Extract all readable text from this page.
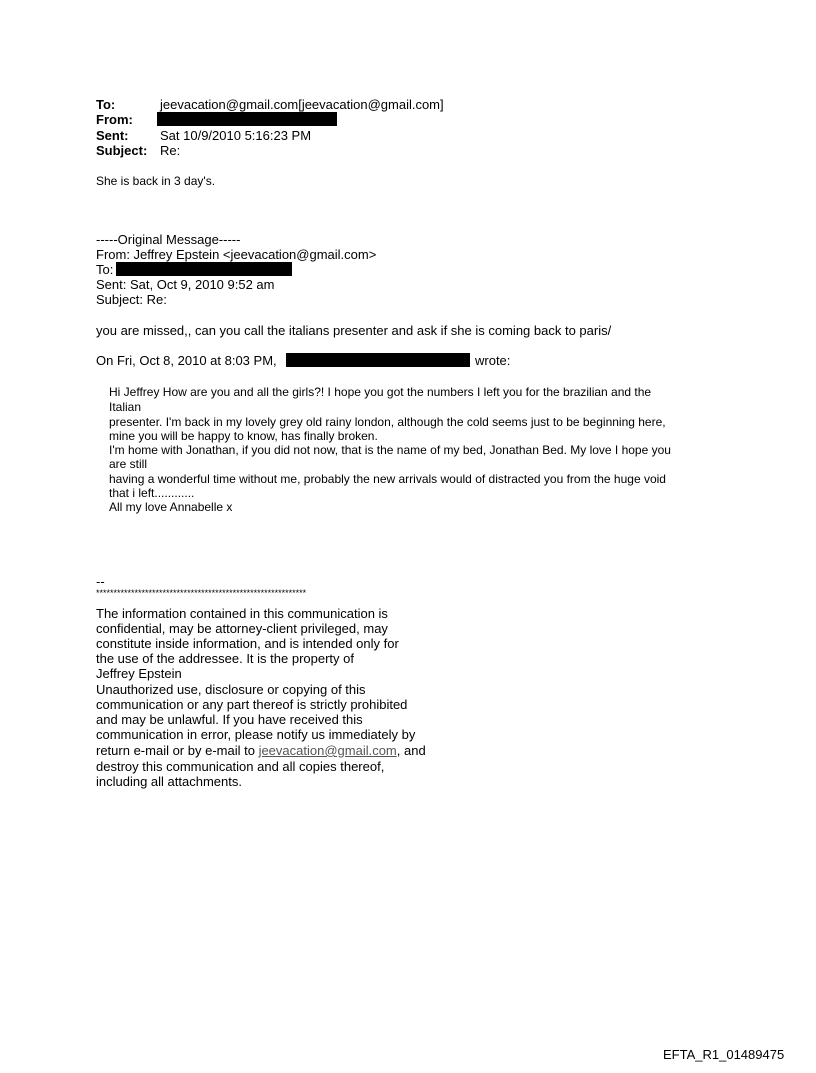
To:	jeevacation@gmail.com[jeevacation@gmail.com]
From:
Sent: Sat 10/9/2010 5:16:23 PM
Subject: Re:
She is back in 3 day's.
-----Original Message-----
From: Jeffrey Epstein <jeevacation@gmail.com>
To:
Sent: Sat, Oct 9, 2010 9:52 am
Subject: Re:
you are missed,, can you call the italians presenter and ask if she is coming back to paris/
On Fri, Oct 8, 2010 at 8:03 PM,	wrote:
Hi Jeffrey How are you and all the girls?! I hope you got the numbers I left you for the brazilian and the
Italian
presenter. I'm back in my lovely grey old rainy london, although the cold seems just to be beginning here,
mine you will be happy to know, has finally broken.
I'm home with Jonathan, if you did not now, that is the name of my bed, Jonathan Bed. My love I hope you
are still
having a wonderful time without me, probably the new arrivals would of distracted you from the huge void
that i left............
All my love Annabelle x
--
************************************************************
The information contained in this communication is
confidential, may be attorney-client privileged, may
constitute inside information, and is intended only for
the use of the addressee. It is the property of
Jeffrey Epstein
Unauthorized use, disclosure or copying of this
communication or any part thereof is strictly prohibited
and may be unlawful. If you have received this
communication in error, please notify us immediately by
return e-mail or by e-mail to jeevacation@gmail.com, and
destroy this communication and all copies thereof,
including all attachments.
EFTA_R1_01489475
